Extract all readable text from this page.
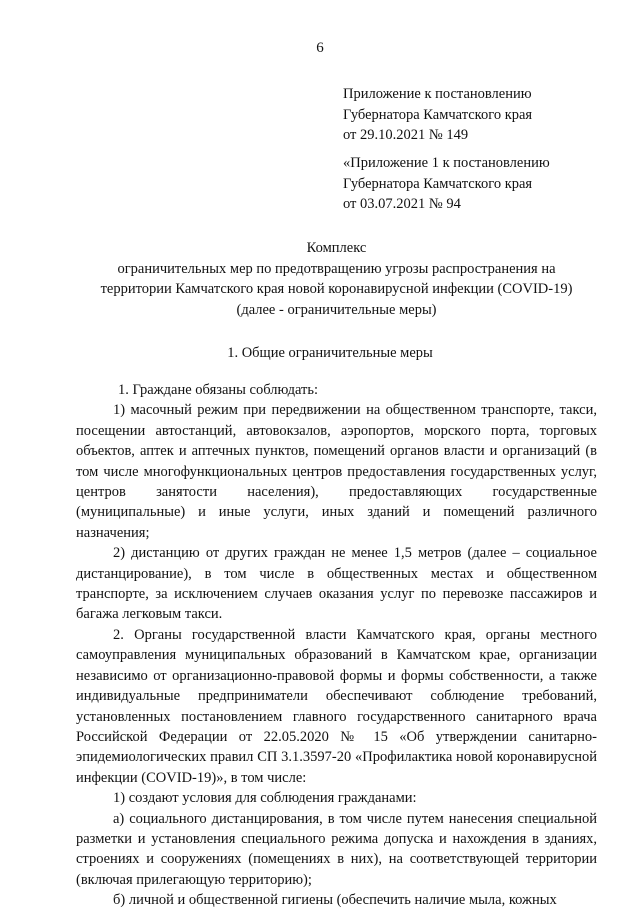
6
Приложение к постановлению
Губернатора Камчатского края
от 29.10.2021 № 149
«Приложение 1 к постановлению
Губернатора Камчатского края
от 03.07.2021 № 94
Комплекс
ограничительных мер по предотвращению угрозы распространения на
территории Камчатского края новой коронавирусной инфекции (COVID-19)
(далее - ограничительные меры)
1. Общие ограничительные меры

1. Граждане обязаны соблюдать:

1) масочный режим при передвижении на общественном транспорте, такси, посещении автостанций, автовокзалов, аэропортов, морского порта, торговых объектов, аптек и аптечных пунктов, помещений органов власти и организаций (в том числе многофункциональных центров предоставления государственных услуг, центров занятости населения), предоставляющих государственные (муниципальные) и иные услуги, иных зданий и помещений различного назначения;

2) дистанцию от других граждан не менее 1,5 метров (далее – социальное дистанцирование), в том числе в общественных местах и общественном транспорте, за исключением случаев оказания услуг по перевозке пассажиров и багажа легковым такси.

2. Органы государственной власти Камчатского края, органы местного самоуправления муниципальных образований в Камчатском крае, организации независимо от организационно-правовой формы и формы собственности, а также индивидуальные предприниматели обеспечивают соблюдение требований, установленных постановлением главного государственного санитарного врача Российской Федерации от 22.05.2020 № 15 «Об утверждении санитарно-эпидемиологических правил СП 3.1.3597-20 «Профилактика новой коронавирусной инфекции (COVID-19)», в том числе:

1) создают условия для соблюдения гражданами:

а) социального дистанцирования, в том числе путем нанесения специальной разметки и установления специального режима допуска и нахождения в зданиях, строениях и сооружениях (помещениях в них), на соответствующей территории (включая прилегающую территорию);

б) личной и общественной гигиены (обеспечить наличие мыла, кожных
